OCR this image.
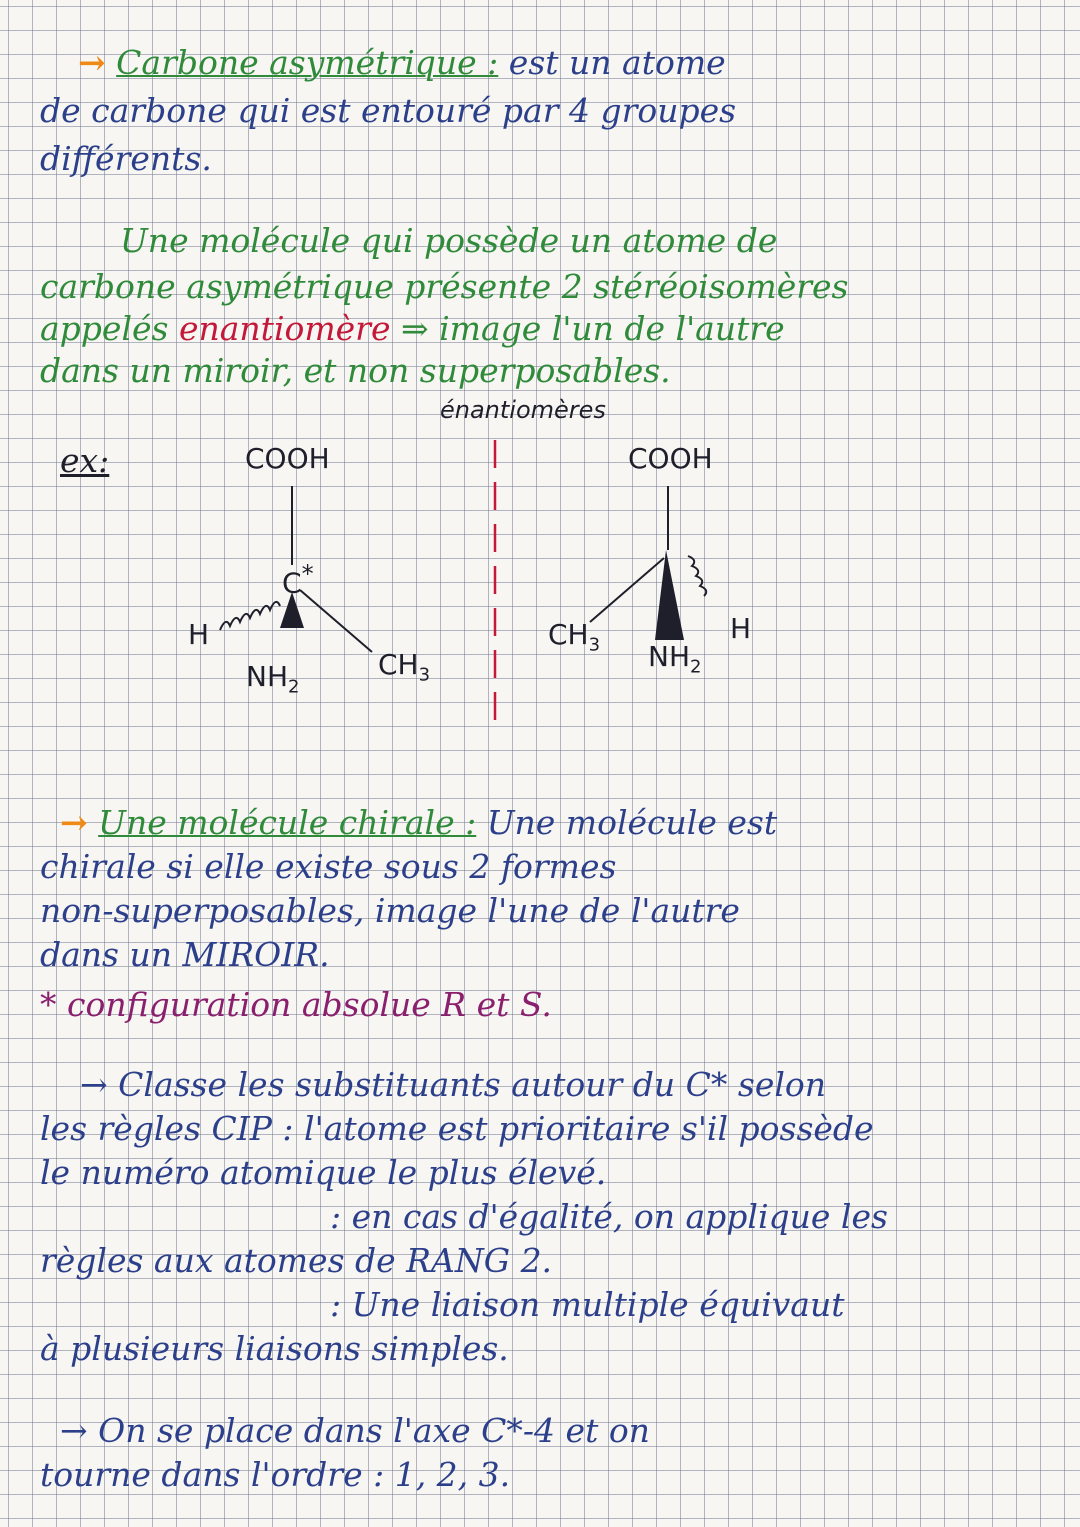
→ Carbone asymétrique : est un atome
de carbone qui est entouré par 4 groupes
différents.
Une molécule qui possède un atome de
carbone asymétrique présente 2 stéréoisomères
appelés enantiomère ⇒ image l'un de l'autre
dans un miroir, et non superposables.
ex:
énantiomères
COOH
C*
H
$NH_2$
$CH_3$
COOH
$CH_3$ $NH_2$
H
→ Une molécule chirale : Une molécule est
chirale si elle existe sous 2 formes
non-superposables, image l'une de l'autre
dans un MIROIR.
* configuration absolue R et S.
→ Classe les substituants autour du C* selon
les règles CIP : l'atome est prioritaire s'il possède
le numéro atomique le plus élevé.
: en cas d'égalité, on applique les
règles aux atomes de RANG 2.
: Une liaison multiple équivaut
à plusieurs liaisons simples.
→ On se place dans l'axe C*-4 et on
tourne dans l'ordre : 1, 2, 3.
